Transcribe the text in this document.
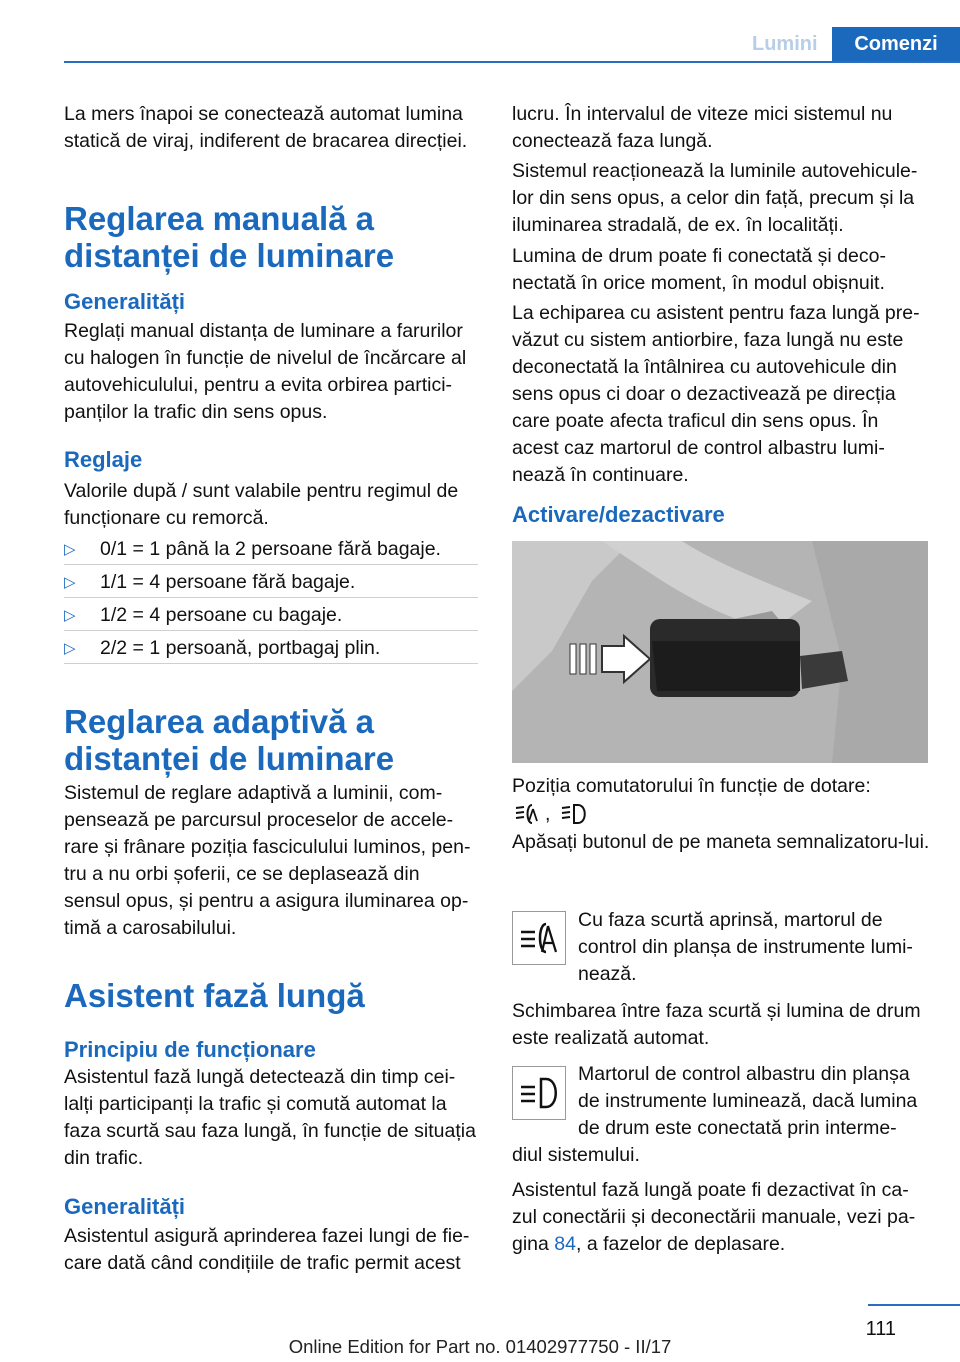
Lumini	Comenzi

La mers înapoi se conectează automat lumina statică de viraj, indiferent de bracarea direcției.

Reglarea manuală a distanței de luminare
Generalități

Reglați manual distanța de luminare a farurilor cu halogen în funcție de nivelul de încărcare al autovehiculului, pentru a evita orbirea partici-panților la trafic din sens opus.

Reglaje

Valorile după / sunt valabile pentru regimul de funcționare cu remorcă.

▷ 0/1 = 1 până la 2 persoane fără bagaje.
▷ 1/1 = 4 persoane fără bagaje.
▷ 1/2 = 4 persoane cu bagaje.
▷ 2/2 = 1 persoană, portbagaj plin.
Reglarea adaptivă a distanței de luminare

Sistemul de reglare adaptivă a luminii, com-pensează pe parcursul proceselor de accele-rare și frânare poziția fasciculului luminos, pen-tru a nu orbi șoferii, ce se deplasează din sensul opus, și pentru a asigura iluminarea op-timă a carosabilului.

Asistent fază lungă
Principiu de funcționare

Asistentul fază lungă detectează din timp cei-lalți participanți la trafic și comută automat la faza scurtă sau faza lungă, în funcție de situația din trafic.

Generalități

Asistentul asigură aprinderea fazei lungi de fie-care dată când condițiile de trafic permit acest

lucru. În intervalul de viteze mici sistemul nu conectează faza lungă.

Sistemul reacționează la luminile autovehicule-lor din sens opus, a celor din față, precum și la iluminarea stradală, de ex. în localități.

Lumina de drum poate fi conectată și deco-nectată în orice moment, în modul obișnuit.

La echiparea cu asistent pentru faza lungă pre-văzut cu sistem antiorbire, faza lungă nu este deconectată la întâlnirea cu autovehicule din sens opus ci doar o dezactivează pe direcția care poate afecta traficul din sens opus. În acest caz martorul de control albastru lumi-nează în continuare.

Activare/dezactivare

Poziția comutatorului în funcție de dotare:

,

Apăsați butonul de pe maneta semnalizatoru-lui.

Cu faza scurtă aprinsă, martorul de control din planșa de instrumente lumi-nează.

Schimbarea între faza scurtă și lumina de drum este realizată automat.

Martorul de control albastru din planșa de instrumente luminează, dacă lumina de drum este conectată prin interme-

diul sistemului.

Asistentul fază lungă poate fi dezactivat în ca-zul conectării și deconectării manuale, vezi pa-gina 84, a fazelor de deplasare.

111
Online Edition for Part no. 01402977750 - II/17
